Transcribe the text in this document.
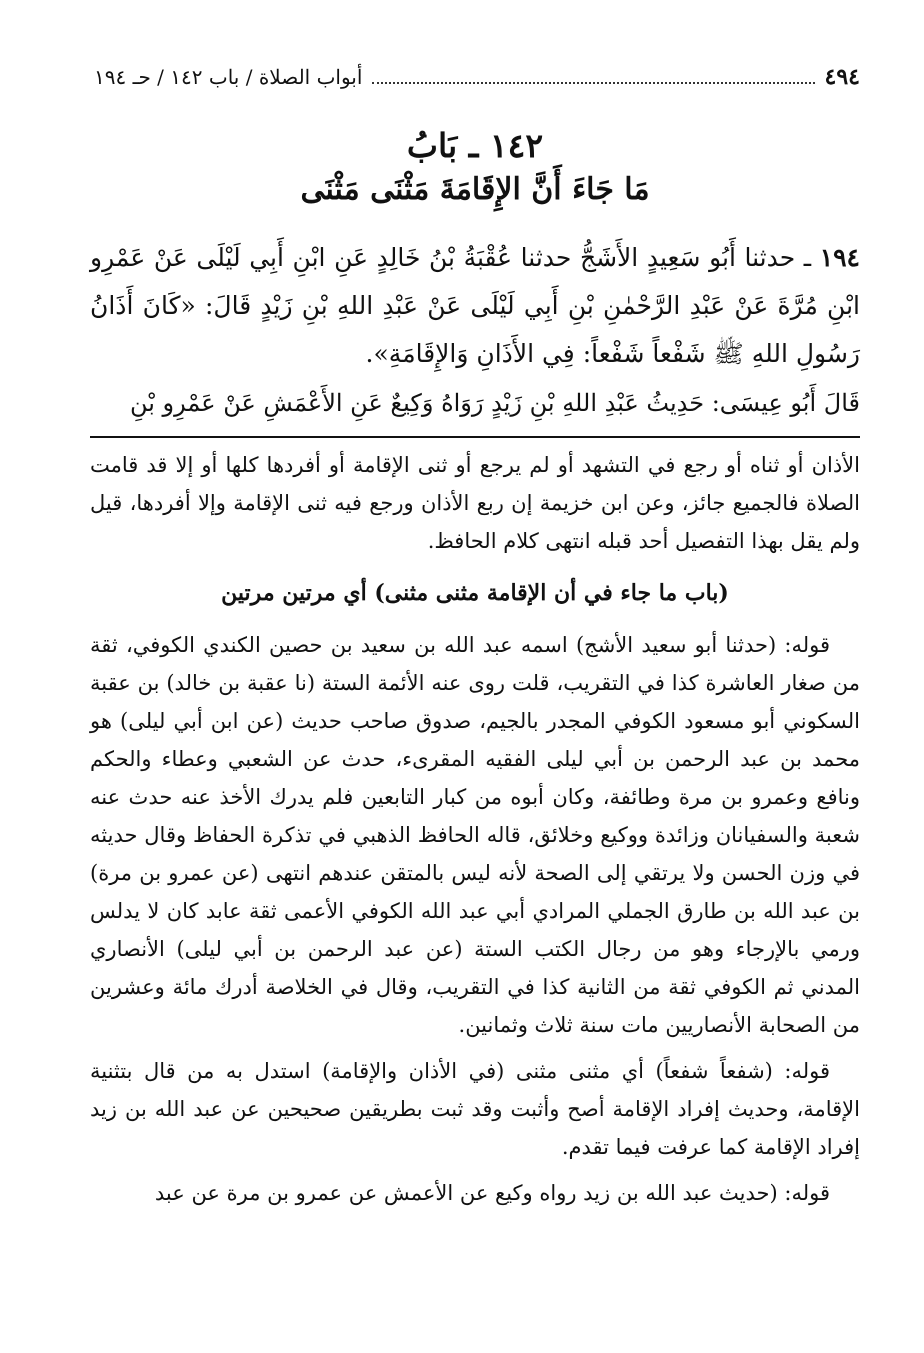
٤٩٤
أبواب الصلاة / باب ١٤٢ / حـ ١٩٤
١٤٢ ـ بَابُ
مَا جَاءَ أَنَّ الإِقَامَةَ مَثْنَى مَثْنَى
١٩٤ ـ حدثنا أَبُو سَعِيدٍ الأَشَجُّ حدثنا عُقْبَةُ بْنُ خَالِدٍ عَنِ ابْنِ أَبِي لَيْلَى عَنْ عَمْرِو ابْنِ مُرَّةَ عَنْ عَبْدِ الرَّحْمٰنِ بْنِ أَبِي لَيْلَى عَنْ عَبْدِ اللهِ بْنِ زَيْدٍ قَالَ: «كَانَ أَذَانُ رَسُولِ اللهِ ﷺ شَفْعاً شَفْعاً: فِي الأَذَانِ وَالإِقَامَةِ».
قَالَ أَبُو عِيسَى: حَدِيثُ عَبْدِ اللهِ بْنِ زَيْدٍ رَوَاهُ وَكِيعٌ عَنِ الأَعْمَشِ عَنْ عَمْرِو بْنِ

الأذان أو ثناه أو رجع في التشهد أو لم يرجع أو ثنى الإقامة أو أفردها كلها أو إلا قد قامت الصلاة فالجميع جائز، وعن ابن خزيمة إن ربع الأذان ورجع فيه ثنى الإقامة وإلا أفردها، قيل ولم يقل بهذا التفصيل أحد قبله انتهى كلام الحافظ.

(باب ما جاء في أن الإقامة مثنى مثنى) أي مرتين مرتين

قوله: (حدثنا أبو سعيد الأشج) اسمه عبد الله بن سعيد بن حصين الكندي الكوفي، ثقة من صغار العاشرة كذا في التقريب، قلت روى عنه الأئمة الستة (نا عقبة بن خالد) بن عقبة السكوني أبو مسعود الكوفي المجدر بالجيم، صدوق صاحب حديث (عن ابن أبي ليلى) هو محمد بن عبد الرحمن بن أبي ليلى الفقيه المقرىء، حدث عن الشعبي وعطاء والحكم ونافع وعمرو بن مرة وطائفة، وكان أبوه من كبار التابعين فلم يدرك الأخذ عنه حدث عنه شعبة والسفيانان وزائدة ووكيع وخلائق، قاله الحافظ الذهبي في تذكرة الحفاظ وقال حديثه في وزن الحسن ولا يرتقي إلى الصحة لأنه ليس بالمتقن عندهم انتهى (عن عمرو بن مرة) بن عبد الله بن طارق الجملي المرادي أبي عبد الله الكوفي الأعمى ثقة عابد كان لا يدلس ورمي بالإرجاء وهو من رجال الكتب الستة (عن عبد الرحمن بن أبي ليلى) الأنصاري المدني ثم الكوفي ثقة من الثانية كذا في التقريب، وقال في الخلاصة أدرك مائة وعشرين من الصحابة الأنصاريين مات سنة ثلاث وثمانين.

قوله: (شفعاً شفعاً) أي مثنى مثنى (في الأذان والإقامة) استدل به من قال بتثنية الإقامة، وحديث إفراد الإقامة أصح وأثبت وقد ثبت بطريقين صحيحين عن عبد الله بن زيد إفراد الإقامة كما عرفت فيما تقدم.

قوله: (حديث عبد الله بن زيد رواه وكيع عن الأعمش عن عمرو بن مرة عن عبد
